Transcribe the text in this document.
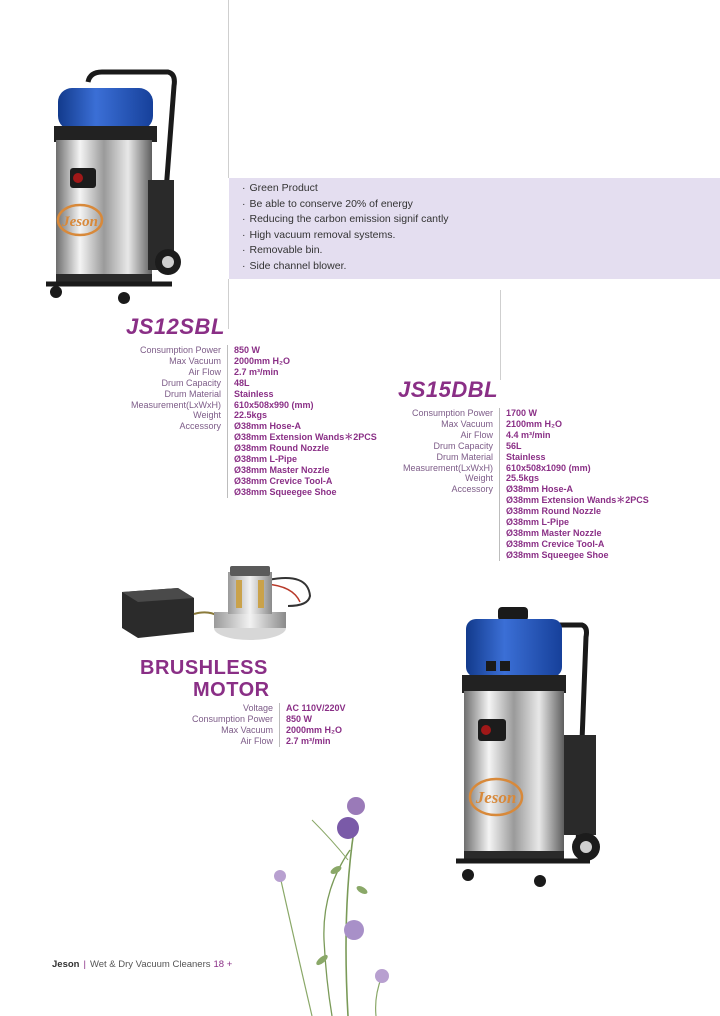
· Green Product
· Be able to conserve 20% of energy
· Reducing the carbon emission signif cantly
· High vacuum removal systems.
· Removable bin.
· Side channel blower.
Jeson
JS12SBL
Consumption Power	850 W
Max Vacuum	2000mm H₂O
Air Flow	2.7 m³/min
Drum Capacity	48L
Drum Material	Stainless
Measurement(LxWxH)	610x508x990 (mm)
Weight	22.5kgs
Accessory	Ø38mm Hose-A
Ø38mm Extension Wands＊2PCS
Ø38mm Round Nozzle
Ø38mm L-Pipe
Ø38mm Master Nozzle
Ø38mm Crevice Tool-A
Ø38mm Squeegee Shoe
JS15DBL
Consumption Power	1700 W
Max Vacuum	2100mm H₂O
Air Flow	4.4 m³/min
Drum Capacity	56L
Drum Material	Stainless
Measurement(LxWxH)	610x508x1090 (mm)
Weight	25.5kgs
Accessory	Ø38mm Hose-A
Ø38mm Extension Wands＊2PCS
Ø38mm Round Nozzle
Ø38mm L-Pipe
Ø38mm Master Nozzle
Ø38mm Crevice Tool-A
Ø38mm Squeegee Shoe
BRUSHLESS
MOTOR
Voltage	AC 110V/220V
Consumption Power	850 W
Max Vacuum	2000mm H₂O
Air Flow	2.7 m³/min
Jeson
Jeson | Wet & Dry Vacuum Cleaners 18 +
